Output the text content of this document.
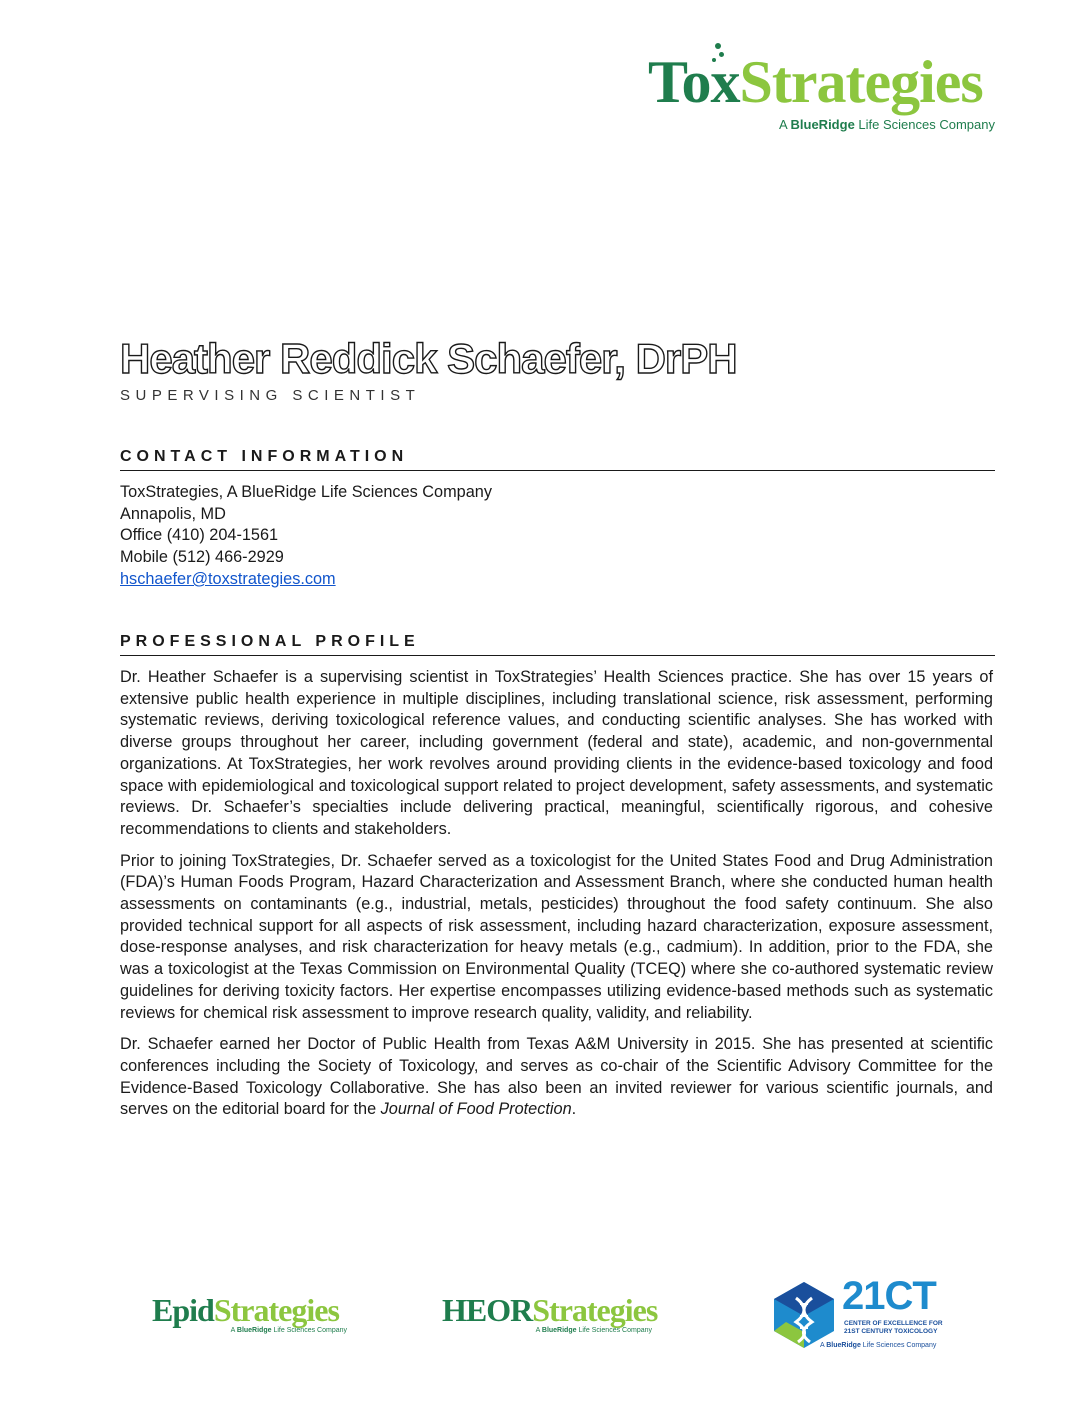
ToxStrategies
A BlueRidge Life Sciences Company
Heather Reddick Schaefer, DrPH
SUPERVISING SCIENTIST
CONTACT INFORMATION
ToxStrategies, A BlueRidge Life Sciences Company
Annapolis, MD
Office (410) 204-1561
Mobile (512) 466-2929
hschaefer@toxstrategies.com
PROFESSIONAL PROFILE

Dr. Heather Schaefer is a supervising scientist in ToxStrategies’ Health Sciences practice. She has over 15 years of extensive public health experience in multiple disciplines, including translational science, risk assessment, performing systematic reviews, deriving toxicological reference values, and conducting scientific analyses. She has worked with diverse groups throughout her career, including government (federal and state), academic, and non-governmental organizations. At ToxStrategies, her work revolves around providing clients in the evidence-based toxicology and food space with epidemiological and toxicological support related to project development, safety assessments, and systematic reviews. Dr. Schaefer’s specialties include delivering practical, meaningful, scientifically rigorous, and cohesive recommendations to clients and stakeholders.

Prior to joining ToxStrategies, Dr. Schaefer served as a toxicologist for the United States Food and Drug Administration (FDA)’s Human Foods Program, Hazard Characterization and Assessment Branch, where she conducted human health assessments on contaminants (e.g., industrial, metals, pesticides) throughout the food safety continuum. She also provided technical support for all aspects of risk assessment, including hazard characterization, exposure assessment, dose-response analyses, and risk characterization for heavy metals (e.g., cadmium). In addition, prior to the FDA, she was a toxicologist at the Texas Commission on Environmental Quality (TCEQ) where she co-authored systematic review guidelines for deriving toxicity factors. Her expertise encompasses utilizing evidence-based methods such as systematic reviews for chemical risk assessment to improve research quality, validity, and reliability.

Dr. Schaefer earned her Doctor of Public Health from Texas A&M University in 2015. She has presented at scientific conferences including the Society of Toxicology, and serves as co-chair of the Scientific Advisory Committee for the Evidence-Based Toxicology Collaborative. She has also been an invited reviewer for various scientific journals, and serves on the editorial board for the Journal of Food Protection.

EpidStrategies
A BlueRidge Life Sciences Company
HEORStrategies
A BlueRidge Life Sciences Company
21CT
CENTER OF EXCELLENCE FOR
21ST CENTURY TOXICOLOGY
A BlueRidge Life Sciences Company
